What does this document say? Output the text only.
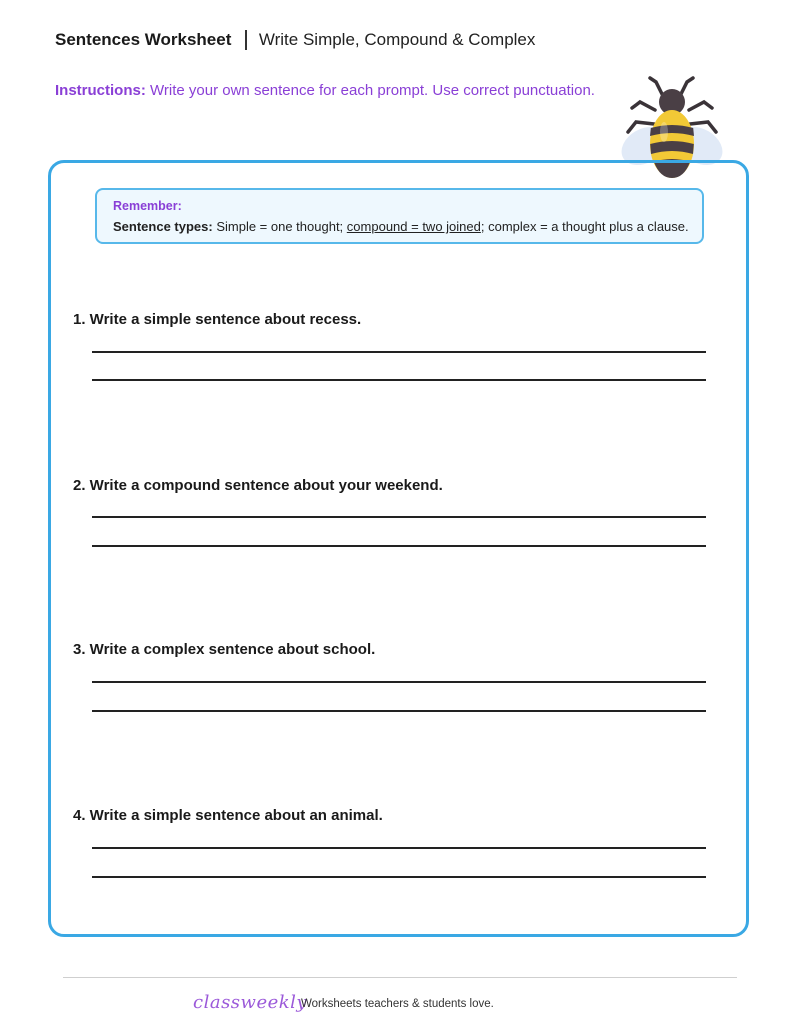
Sentences Worksheet Write Simple, Compound & Complex
Instructions: Write your own sentence for each prompt. Use correct punctuation.
Remember:
Sentence types: Simple = one thought; compound = two joined; complex = a thought plus a clause.
1. Write a simple sentence about recess.
2. Write a compound sentence about your weekend.
3. Write a complex sentence about school.
4. Write a simple sentence about an animal.
classweekly
Worksheets teachers & students love.
